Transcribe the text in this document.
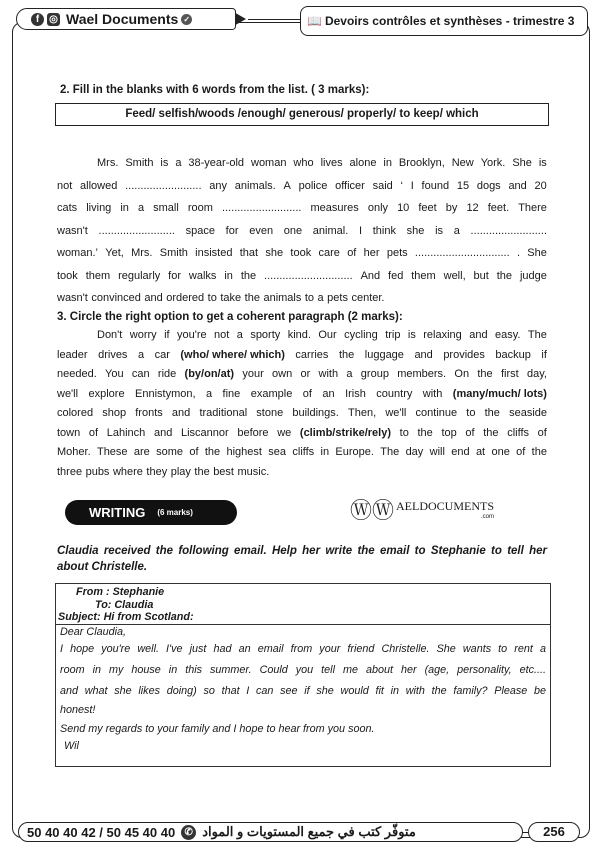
f ◎ Wael Documents ✓	📖 Devoirs contrôles et synthèses - trimestre 3
2. Fill in the blanks with 6 words from the list. ( 3 marks):
Feed/ selfish/woods /enough/ generous/ properly/ to keep/ which
Mrs. Smith is a 38-year-old woman who lives alone in Brooklyn, New York. She is
not allowed ......................... any animals. A police officer said ‘ I found 15 dogs and 20
cats living in a small room .......................... measures only 10 feet by 12 feet. There
wasn't ......................... space for even one animal. I think she is a .........................
woman.’ Yet, Mrs. Smith insisted that she took care of her pets ............................... . She
took them regularly for walks in the ............................. And fed them well, but the judge
wasn't convinced and ordered to take the animals to a pets center.
3. Circle the right option to get a coherent paragraph (2 marks):
Don't worry if you're not a sporty kind. Our cycling trip is relaxing and easy. The
leader drives a car (who/ where/ which) carries the luggage and provides backup if
needed. You can ride (by/on/at) your own or with a group members. On the first day,
we'll explore Ennistymon, a fine example of an Irish country with (many/much/ lots)
colored shop fronts and traditional stone buildings. Then, we'll continue to the seaside
town of Lahinch and Liscannor before we (climb/strike/rely) to the top of the cliffs of
Moher. These are some of the highest sea cliffs in Europe. The day will end at one of the
three pubs where they play the best music.
WRITING (6 marks)	ⓌⓌ AELDOCUMENTS
.com
Claudia received the following email. Help her write the email to Stephanie to tell her about Christelle.
From : Stephanie
To: Claudia
Subject: Hi from Scotland:
Dear Claudia,
I hope you're well. I've just had an email from your friend Christelle. She wants to rent a
room in my house in this summer. Could you tell me about her (age, personality, etc....
and what she likes doing) so that I can see if she would fit in with the family? Please be
honest!
Send my regards to your family and I hope to hear from you soon.
Wil
50 40 40 42 / 50 45 40 40 ✆ متوفّر كتب في جميع المستويات و المواد	256
